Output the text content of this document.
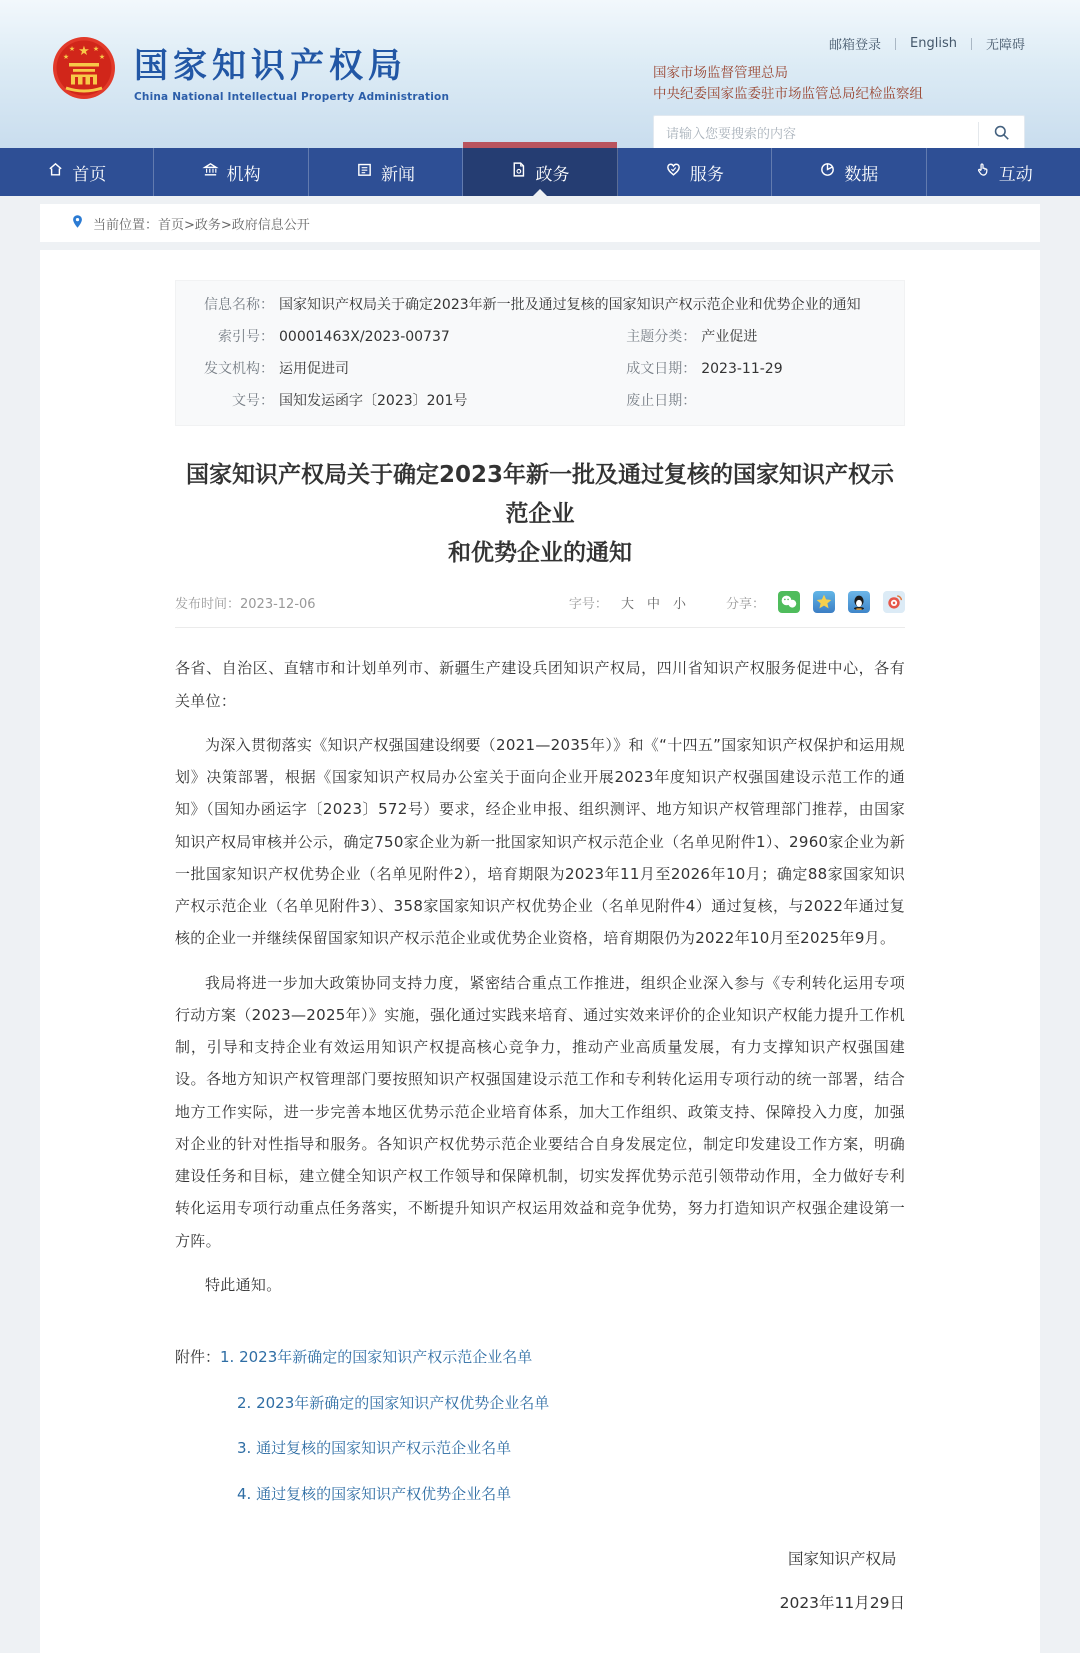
★
★	★
★	★ 国家知识产权局
China National Intellectual Property Administration
邮箱登录 English 无障碍
国家市场监督管理总局
中央纪委国家监委驻市场监管总局纪检监察组
请输入您要搜索的内容
首页	机构	新闻	政务	服务	数据	互动
当前位置： 首页>政务>政府信息公开
信息名称： 国家知识产权局关于确定2023年新一批及通过复核的国家知识产权示范企业和优势企业的通知
索引号： 00001463X/2023-00737	主题分类： 产业促进
发文机构： 运用促进司	成文日期： 2023-11-29
文号： 国知发运函字〔2023〕201号	废止日期：
国家知识产权局关于确定2023年新一批及通过复核的国家知识产权示范企业
和优势企业的通知
发布时间：2023-12-06	字号： 大 中 小	分享：

各省、自治区、直辖市和计划单列市、新疆生产建设兵团知识产权局，四川省知识产权服务促进中心，各有关单位：

为深入贯彻落实《知识产权强国建设纲要（2021—2035年）》和《“十四五”国家知识产权保护和运用规划》决策部署，根据《国家知识产权局办公室关于面向企业开展2023年度知识产权强国建设示范工作的通知》（国知办函运字〔2023〕572号）要求，经企业申报、组织测评、地方知识产权管理部门推荐，由国家知识产权局审核并公示，确定750家企业为新一批国家知识产权示范企业（名单见附件1）、2960家企业为新一批国家知识产权优势企业（名单见附件2），培育期限为2023年11月至2026年10月；确定88家国家知识产权示范企业（名单见附件3）、358家国家知识产权优势企业（名单见附件4）通过复核，与2022年通过复核的企业一并继续保留国家知识产权示范企业或优势企业资格，培育期限仍为2022年10月至2025年9月。

我局将进一步加大政策协同支持力度，紧密结合重点工作推进，组织企业深入参与《专利转化运用专项行动方案（2023—2025年）》实施，强化通过实践来培育、通过实效来评价的企业知识产权能力提升工作机制，引导和支持企业有效运用知识产权提高核心竞争力，推动产业高质量发展，有力支撑知识产权强国建设。各地方知识产权管理部门要按照知识产权强国建设示范工作和专利转化运用专项行动的统一部署，结合地方工作实际，进一步完善本地区优势示范企业培育体系，加大工作组织、政策支持、保障投入力度，加强对企业的针对性指导和服务。各知识产权优势示范企业要结合自身发展定位，制定印发建设工作方案，明确建设任务和目标，建立健全知识产权工作领导和保障机制，切实发挥优势示范引领带动作用，全力做好专利转化运用专项行动重点任务落实，不断提升知识产权运用效益和竞争优势，努力打造知识产权强企建设第一方阵。

特此通知。

附件：1. 2023年新确定的国家知识产权示范企业名单
2. 2023年新确定的国家知识产权优势企业名单
3. 通过复核的国家知识产权示范企业名单
4. 通过复核的国家知识产权优势企业名单
国家知识产权局
2023年11月29日
